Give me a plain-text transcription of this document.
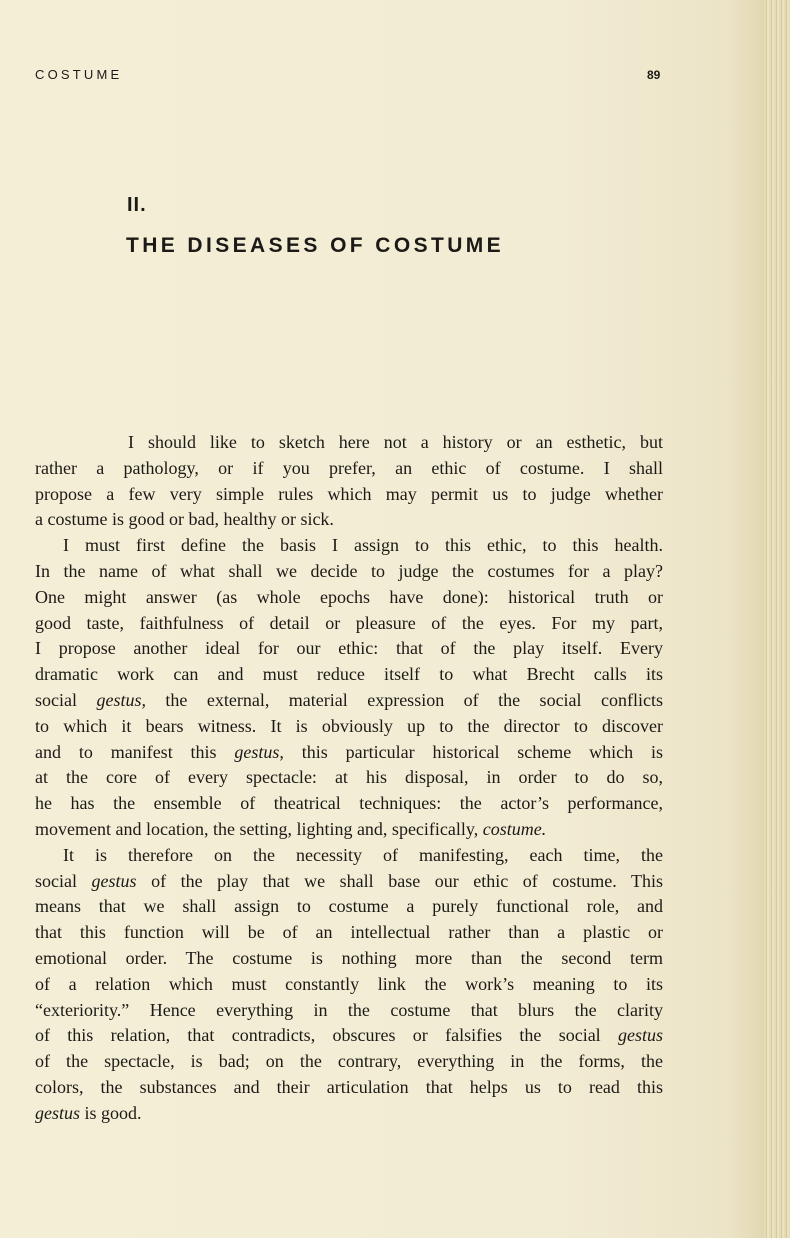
COSTUME	89
II.
THE DISEASES OF COSTUME
I should like to sketch here not a history or an esthetic, but
rather a pathology, or if you prefer, an ethic of costume. I shall
propose a few very simple rules which may permit us to judge whether
a costume is good or bad, healthy or sick.
I must first define the basis I assign to this ethic, to this health.
In the name of what shall we decide to judge the costumes for a play?
One might answer (as whole epochs have done): historical truth or
good taste, faithfulness of detail or pleasure of the eyes. For my part,
I propose another ideal for our ethic: that of the play itself. Every
dramatic work can and must reduce itself to what Brecht calls its
social gestus, the external, material expression of the social conflicts
to which it bears witness. It is obviously up to the director to discover
and to manifest this gestus, this particular historical scheme which is
at the core of every spectacle: at his disposal, in order to do so,
he has the ensemble of theatrical techniques: the actor’s performance,
movement and location, the setting, lighting and, specifically, costume.
It is therefore on the necessity of manifesting, each time, the
social gestus of the play that we shall base our ethic of costume. This
means that we shall assign to costume a purely functional role, and
that this function will be of an intellectual rather than a plastic or
emotional order. The costume is nothing more than the second term
of a relation which must constantly link the work’s meaning to its
“exteriority.” Hence everything in the costume that blurs the clarity
of this relation, that contradicts, obscures or falsifies the social gestus
of the spectacle, is bad; on the contrary, everything in the forms, the
colors, the substances and their articulation that helps us to read this
gestus is good.
